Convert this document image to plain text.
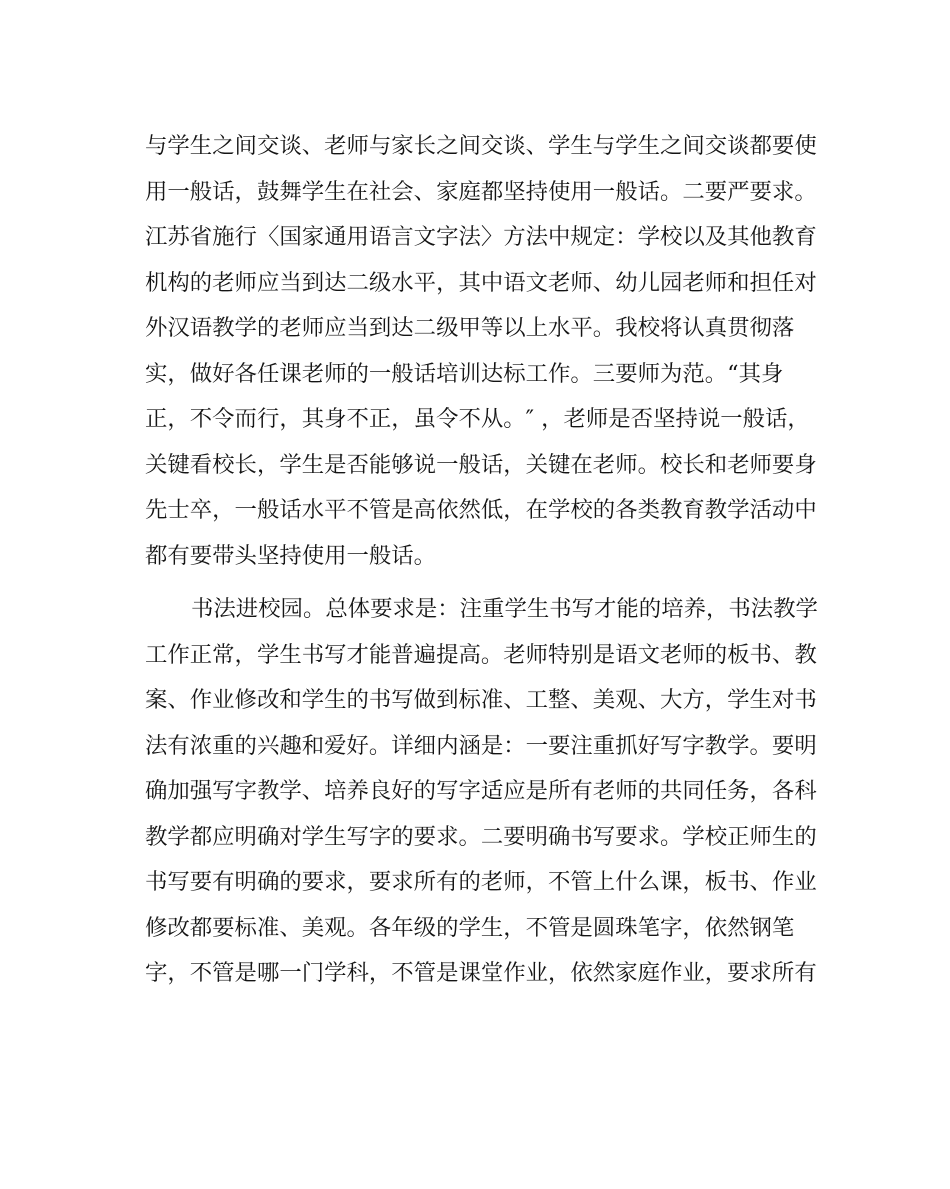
与学生之间交谈、老师与家长之间交谈、学生与学生之间交谈都要使
用一般话，鼓舞学生在社会、家庭都坚持使用一般话。二要严要求。
江苏省施行〈国家通用语言文字法〉方法中规定：学校以及其他教育
机构的老师应当到达二级水平，其中语文老师、幼儿园老师和担任对
外汉语教学的老师应当到达二级甲等以上水平。我校将认真贯彻落
实，做好各任课老师的一般话培训达标工作。三要师为范。“其身
正，不令而行，其身不正，虽令不从。″ ，老师是否坚持说一般话，
关键看校长，学生是否能够说一般话，关键在老师。校长和老师要身
先士卒，一般话水平不管是高依然低，在学校的各类教育教学活动中
都有要带头坚持使用一般话。
书法进校园。总体要求是：注重学生书写才能的培养，书法教学
工作正常，学生书写才能普遍提高。老师特别是语文老师的板书、教
案、作业修改和学生的书写做到标准、工整、美观、大方，学生对书
法有浓重的兴趣和爱好。详细内涵是：一要注重抓好写字教学。要明
确加强写字教学、培养良好的写字适应是所有老师的共同任务，各科
教学都应明确对学生写字的要求。二要明确书写要求。学校正师生的
书写要有明确的要求，要求所有的老师，不管上什么课，板书、作业
修改都要标准、美观。各年级的学生，不管是圆珠笔字，依然钢笔
字，不管是哪一门学科，不管是课堂作业，依然家庭作业，要求所有
